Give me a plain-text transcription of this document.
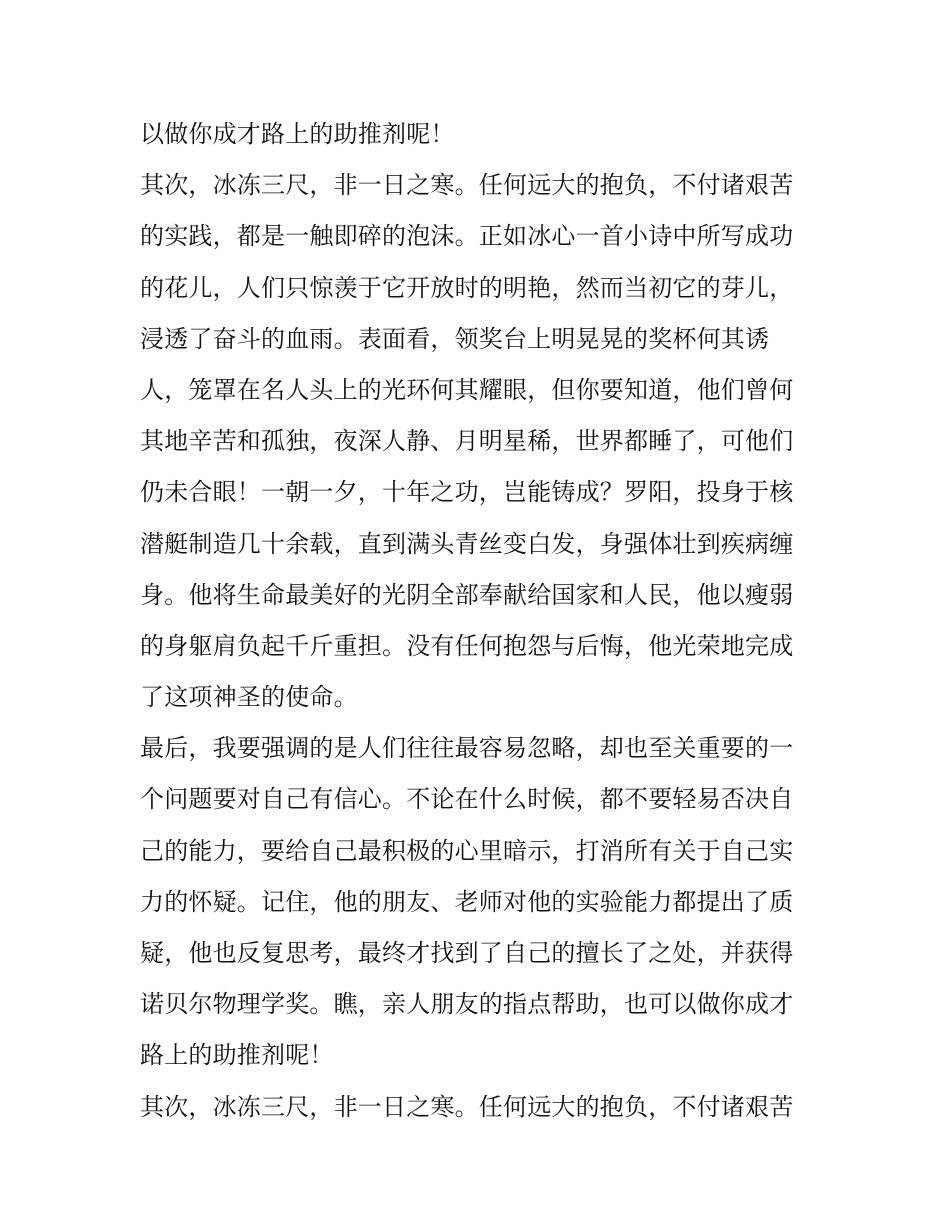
以做你成才路上的助推剂呢！
其次，冰冻三尺，非一日之寒。任何远大的抱负，不付诸艰苦
的实践，都是一触即碎的泡沫。正如冰心一首小诗中所写成功
的花儿，人们只惊羡于它开放时的明艳，然而当初它的芽儿，
浸透了奋斗的血雨。表面看，领奖台上明晃晃的奖杯何其诱
人，笼罩在名人头上的光环何其耀眼，但你要知道，他们曾何
其地辛苦和孤独，夜深人静、月明星稀，世界都睡了，可他们
仍未合眼！一朝一夕，十年之功，岂能铸成？罗阳，投身于核
潜艇制造几十余载，直到满头青丝变白发，身强体壮到疾病缠
身。他将生命最美好的光阴全部奉献给国家和人民，他以瘦弱
的身躯肩负起千斤重担。没有任何抱怨与后悔，他光荣地完成
了这项神圣的使命。
最后，我要强调的是人们往往最容易忽略，却也至关重要的一
个问题要对自己有信心。不论在什么时候，都不要轻易否决自
己的能力，要给自己最积极的心里暗示，打消所有关于自己实
力的怀疑。记住，他的朋友、老师对他的实验能力都提出了质
疑，他也反复思考，最终才找到了自己的擅长了之处，并获得
诺贝尔物理学奖。瞧，亲人朋友的指点帮助，也可以做你成才
路上的助推剂呢！
其次，冰冻三尺，非一日之寒。任何远大的抱负，不付诸艰苦
